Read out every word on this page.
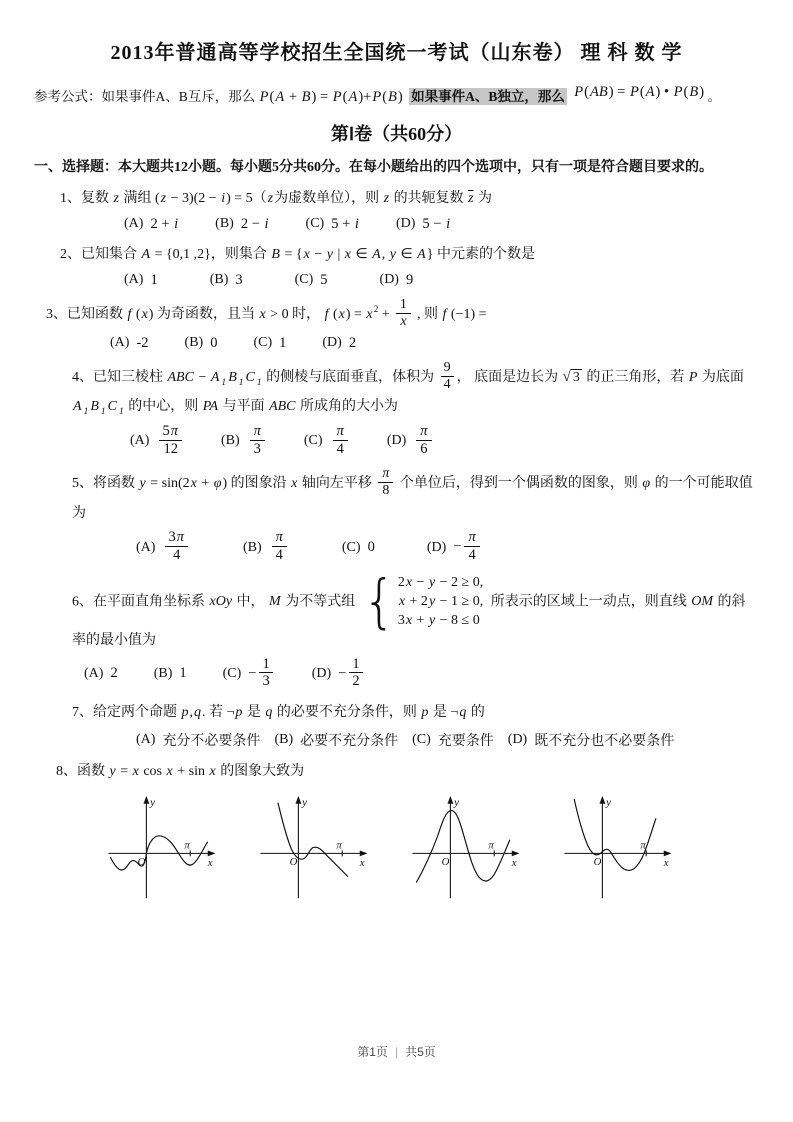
2013年普通高等学校招生全国统一考试（山东卷） 理 科 数 学
参考公式：如果事件A、B互斥，那么 P(A + B) = P(A)+P(B) 如果事件A、B独立，那么 P(AB) = P(A) • P(B) 。
第Ⅰ卷（共60分）
一、选择题：本大题共12小题。每小题5分共60分。在每小题给出的四个选项中，只有一项是符合题目要求的。
1、复数 z 满组 (z − 3)(2 − i) = 5（z为虚数单位），则 z 的共轭复数 $\overline{z}$ 为
(A) 2 + i	(B) 2 − i	(C) 5 + i	(D) 5 − i
2、已知集合 A = {0,1 ,2}，则集合 B = {x − y | x ∈ A, y ∈ A} 中元素的个数是
(A) 1	(B) 3	(C) 5	(D) 9
3、已知函数 f (x) 为奇函数，且当 x > 0 时， f $(x) = x^2 + \frac{1}{x}$ , 则 f (−1) =
(A) -2	(B) 0	(C) 1	(D) 2
4、已知三棱柱 ABC − A $_1$ B $_1$ C $_1$ 的侧棱与底面垂直，体积为 $\frac{9}{4}$ ， 底面是边长为 √ 3 的正三角形，若 P 为底面 A $_1$ B $_1$ C $_1$ 的中心，则 PA 与平面 ABC 所成角的大小为
$(A) \frac{5\pi}{12}$	$(B) \frac{\pi}{3}$	$(C) \frac{\pi}{4}$	$(D) \frac{\pi}{6}$
5、将函数 y = sin(2x + φ) 的图象沿 x 轴向左平移 $\frac{\pi}{8}$ 个单位后，得到一个偶函数的图象，则 φ 的一个可能取值为
$(A) \frac{3\pi}{4}$	$(B) \frac{\pi}{4}$	(C) 0	$(D) - \frac{\pi}{4}$
6、在平面直角坐标系 xOy 中， M 为不等式组 { 2x − y − 2 ≥ 0,
x + 2y − 1 ≥ 0,
3x + y − 8 ≤ 0
所表示的区域上一动点，则直线 OM 的斜率的最小值为
(A) 2	(B) 1	$(C) - \frac{1}{3}$	$(D) - \frac{1}{2}$
7、给定两个命题 p,q. 若 ¬p 是 q 的必要不充分条件，则 p 是 ¬q 的
(A) 充分不必要条件 (B) 必要不充分条件 (C) 充要条件 (D) 既不充分也不必要条件
8、函数 y = x cos x + sin x 的图象大致为
y
x
O
π
y
x
O
π
y
x
O
π
y
x
O
π
第1页 | 共5页
